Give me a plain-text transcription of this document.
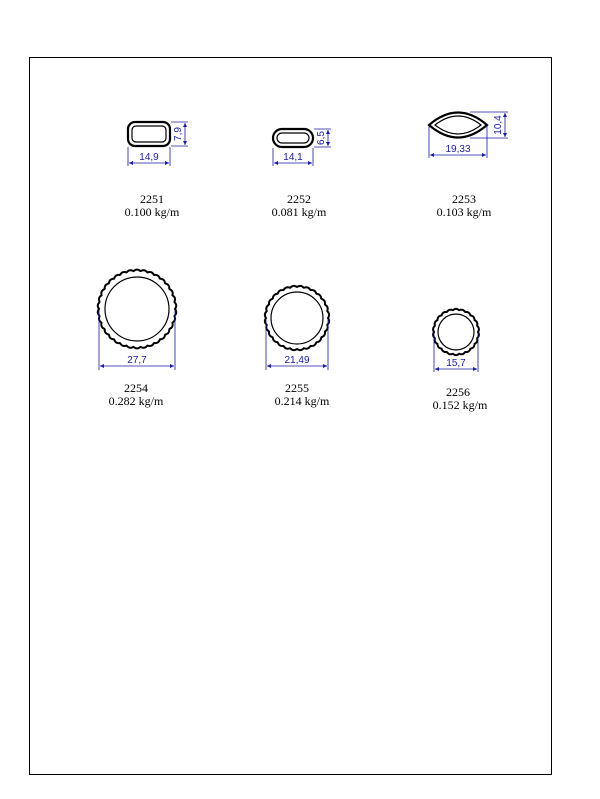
14,9
7,9
14,1
6,5
19,33
10,4
27,7	21,49	15,7
2251
0.100 kg/m
2252
0.081 kg/m
2253
0.103 kg/m
2254
0.282 kg/m
2255
0.214 kg/m
2256
0.152 kg/m
